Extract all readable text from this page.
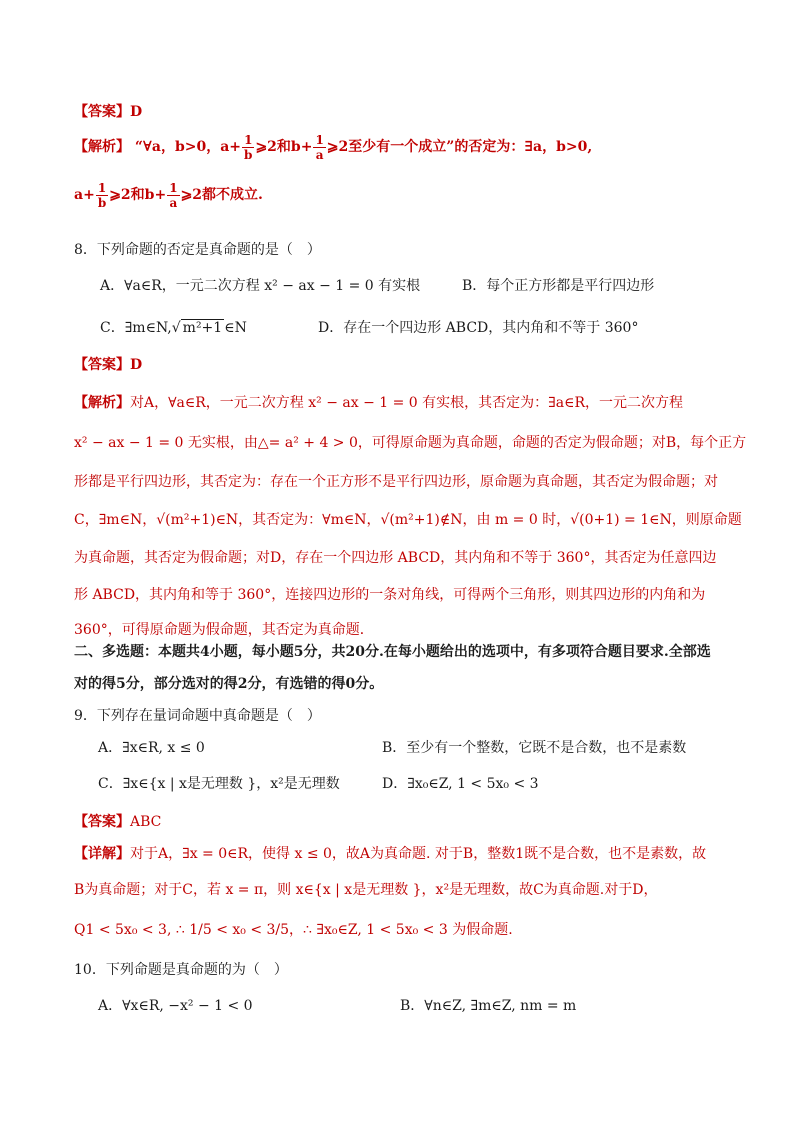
【答案】D
【解析】 “∀a，b>0，$a+ \frac{1}{b}$ ⩾2和$b+ \frac{1}{a}$ ⩾2至少有一个成立”的否定为：∃a，b>0,
$a+ \frac{1}{b}$ ⩾2和$b+ \frac{1}{a}$ ⩾2都不成立.
8．下列命题的否定是真命题的是（　）
A．∀a∈R，一元二次方程 x² − ax − 1 = 0 有实根	B．每个正方形都是平行四边形
C．∃m∈N,√ m²+1 ∈N	D．存在一个四边形 ABCD，其内角和不等于 360°
【答案】D
【解析】对A，∀a∈R，一元二次方程 x² − ax − 1 = 0 有实根，其否定为：∃a∈R，一元二次方程
x² − ax − 1 = 0 无实根，由△= a² + 4 > 0，可得原命题为真命题，命题的否定为假命题；对B，每个正方
形都是平行四边形，其否定为：存在一个正方形不是平行四边形，原命题为真命题，其否定为假命题；对
C，∃m∈N，√(m²+1)∈N，其否定为：∀m∈N，√(m²+1)∉N，由 m = 0 时，√(0+1) = 1∈N，则原命题
为真命题，其否定为假命题；对D，存在一个四边形 ABCD，其内角和不等于 360°，其否定为任意四边
形 ABCD，其内角和等于 360°，连接四边形的一条对角线，可得两个三角形，则其四边形的内角和为
360°，可得原命题为假命题，其否定为真命题．
二、多选题：本题共4小题，每小题5分，共20分.在每小题给出的选项中，有多项符合题目要求.全部选
对的得5分，部分选对的得2分，有选错的得0分。
9．下列存在量词命题中真命题是（　）
A．∃x∈R, x ≤ 0	B．至少有一个整数，它既不是合数，也不是素数
C．∃x∈{x | x是无理数 }，x²是无理数	D．∃x₀∈Z, 1 < 5x₀ < 3
【答案】ABC
【详解】对于A，∃x = 0∈R，使得 x ≤ 0，故A为真命题. 对于B，整数1既不是合数，也不是素数，故
B为真命题；对于C，若 x = π，则 x∈{x | x是无理数 }，x²是无理数，故C为真命题.对于D，
Q1 < 5x₀ < 3, ∴ 1/5 < x₀ < 3/5，∴ ∃x₀∈Z, 1 < 5x₀ < 3 为假命题.
10．下列命题是真命题的为（　）
A．∀x∈R, −x² − 1 < 0	B．∀n∈Z, ∃m∈Z, nm = m
